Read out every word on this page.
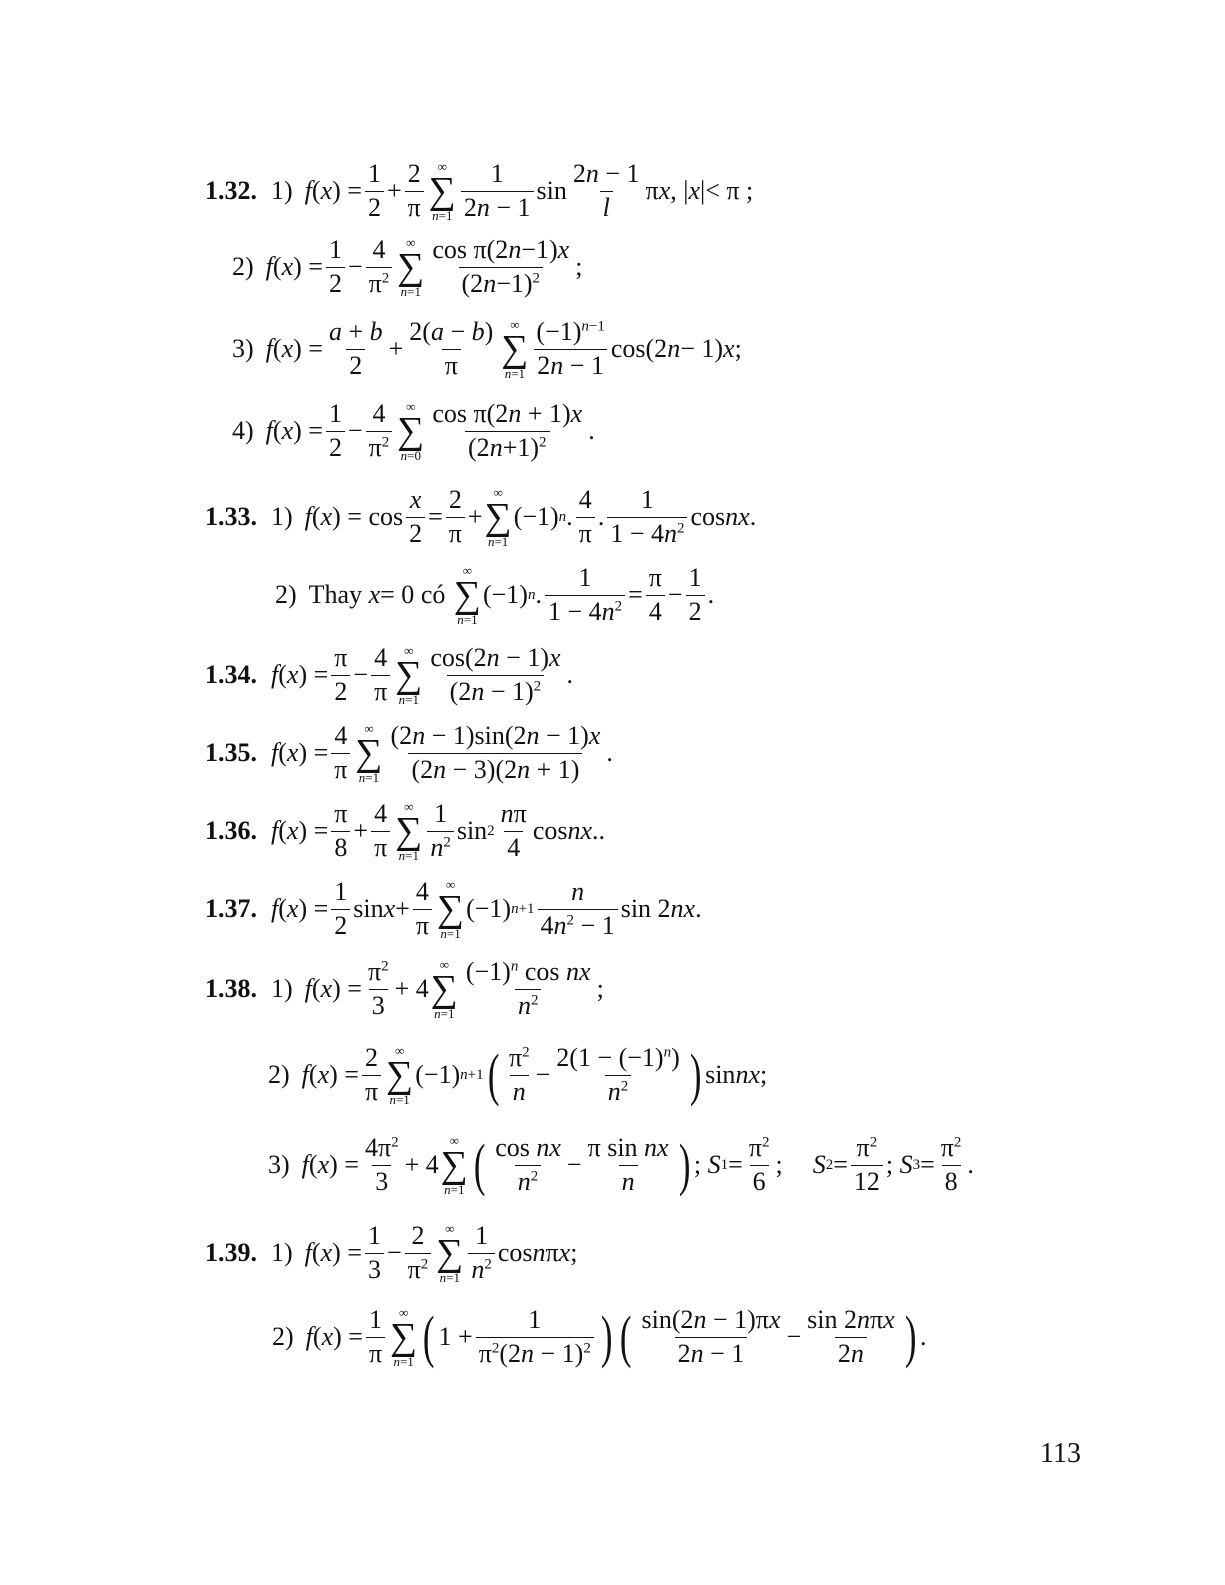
1.32. 1) f ( x ) = $\frac{1}{2} + \frac{2}{\pi}$ ∞
∑
$n=1 \frac{1}{2n - 1}$ $\sin \frac{2n - 1}{l}$ π x , | x |< π ;
2) f ( x ) = $\frac{1}{2} - \frac{4}{\pi^2}$ ∞
∑
$n=1 \frac{\text{cos π(2n−1)x}}{(2n-1)^2}$ ;
3) f ( x ) = $\frac{a + b}{2} + \frac{2(a - b)}{\pi}$ ∞
∑
$n=1 \frac{(-1)^{n-1}}{2n - 1} \cos(2$ n − 1) x ;
4) f ( x ) = $\frac{1}{2} - \frac{4}{\pi^2}$ ∞
∑
$n=0 \frac{\text{cos π(2n + 1)x}}{(2n+1)^2}$ .
1.33. 1) f ( x ) = $\cos \frac{x}{2} = \frac{2}{\pi}$ +
∞
∑
n=1
(−1) n . $\frac{4}{\pi}$ . $\frac{1}{1 - 4n^2}$ cos nx .
2) Thay
x = 0 có

∞
∑
n=1
(−1) n . $\frac{1}{1 - 4n^2} = \frac{\pi}{4} - \frac{1}{2}$ .
1.34. f ( x ) = $\frac{\pi}{2} - \frac{4}{\pi}$ ∞
∑
$n=1 \frac{\cos(2n - 1)x}{(2n - 1)^2}$ .
1.35. f ( x ) = $\frac{4}{\pi}$ ∞
∑
$n=1 \frac{(2n - 1)\sin(2n - 1)x}{(2n - 3)(2n + 1)}$ .
1.36. f ( x ) = $\frac{\pi}{8} + \frac{4}{\pi}$ ∞
∑
$n=1 \frac{1}{n^2}$ $\sin 2 \frac{n\pi}{4}$ cos nx ..
1.37. f ( x ) = $\frac{1}{2}$ $\sin x + \frac{4}{\pi}$ ∞
∑
n=1
(−1) $n+1 \frac{n}{4n^2 - 1}$ sin 2 nx .
1.38. 1) f ( x ) = $\frac{\pi^2}{3} + 4$
∞
∑
$n=1 \frac{(-1)^n \cos nx}{n^2}$ ;
2) f ( x ) = $\frac{2}{\pi}$ ∞
∑
n=1
(−1) n+1 ( $\frac{\pi^2}{n} - \frac{2(1 - (-1)^n)}{n^2}$ ) sin nx ;
3) f ( x ) = $\frac{4\pi^2}{3} + 4$
∞
∑
n=1 ( $\frac{\text{cos nx}}{n^2} - \frac{\text{π sin nx}}{n}$ ) ; S $1 = \frac{\pi^2}{6}$ ; S $2 = \frac{\pi^2}{12}$ ; S $3 = \frac{\pi^2}{8}$ .
1.39. 1) f ( x ) = $\frac{1}{3} - \frac{2}{\pi^2}$ ∞
∑
$n=1 \frac{1}{n^2}$ cos n π x ;
2) f ( x ) = $\frac{1}{\pi}$ ∞
∑
n=1 ( $1 + \frac{1}{\pi^2(2n - 1)^2}$ ) ( $\frac{\sin(2n - 1)\pi x}{2n - 1} - \frac{\text{sin 2nπx}}{2n}$ ) .
113
